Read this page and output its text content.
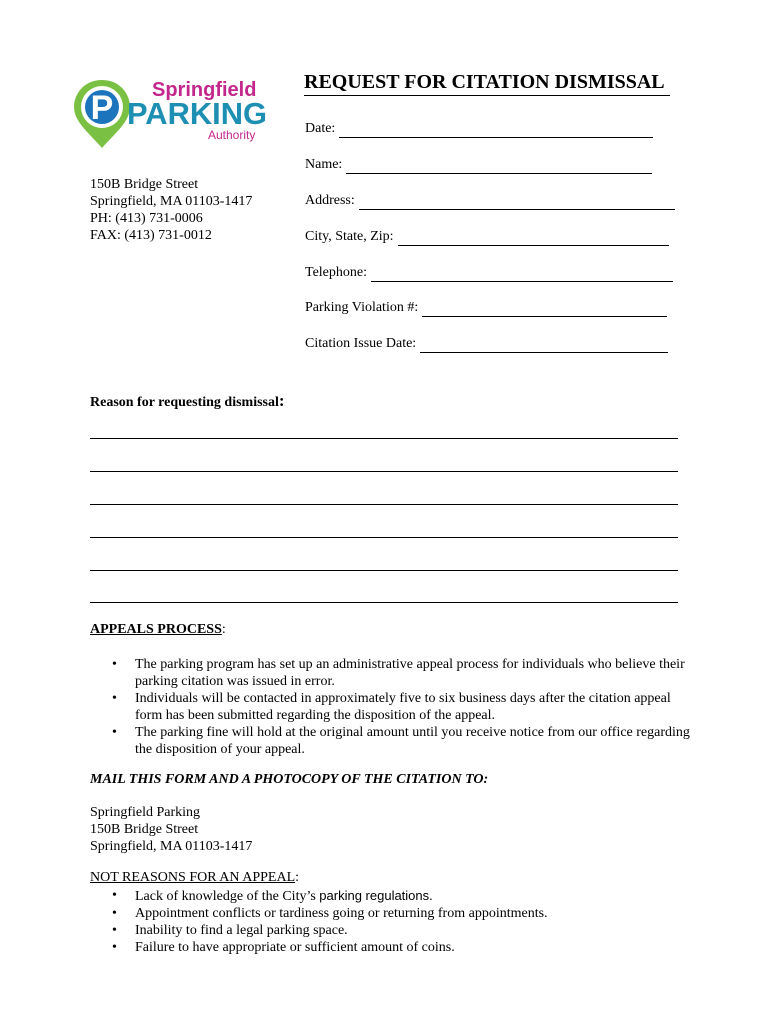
P Springfield
PARKING
Authority
150B Bridge Street
Springfield, MA 01103-1417
PH: (413) 731-0006
FAX: (413) 731-0012
REQUEST FOR CITATION DISMISSAL
Date:
Name:
Address:
City, State, Zip:
Telephone:
Parking Violation #:
Citation Issue Date:
Reason for requesting dismissal:
APPEALS PROCESS:
• The parking program has set up an administrative appeal process for individuals who believe their
parking citation was issued in error.
• Individuals will be contacted in approximately five to six business days after the citation appeal
form has been submitted regarding the disposition of the appeal.
• The parking fine will hold at the original amount until you receive notice from our office regarding
the disposition of your appeal.
MAIL THIS FORM AND A PHOTOCOPY OF THE CITATION TO:
Springfield Parking
150B Bridge Street
Springfield, MA 01103-1417
NOT REASONS FOR AN APPEAL:
• Lack of knowledge of the City’s parking regulations.
• Appointment conflicts or tardiness going or returning from appointments.
• Inability to find a legal parking space.
• Failure to have appropriate or sufficient amount of coins.
